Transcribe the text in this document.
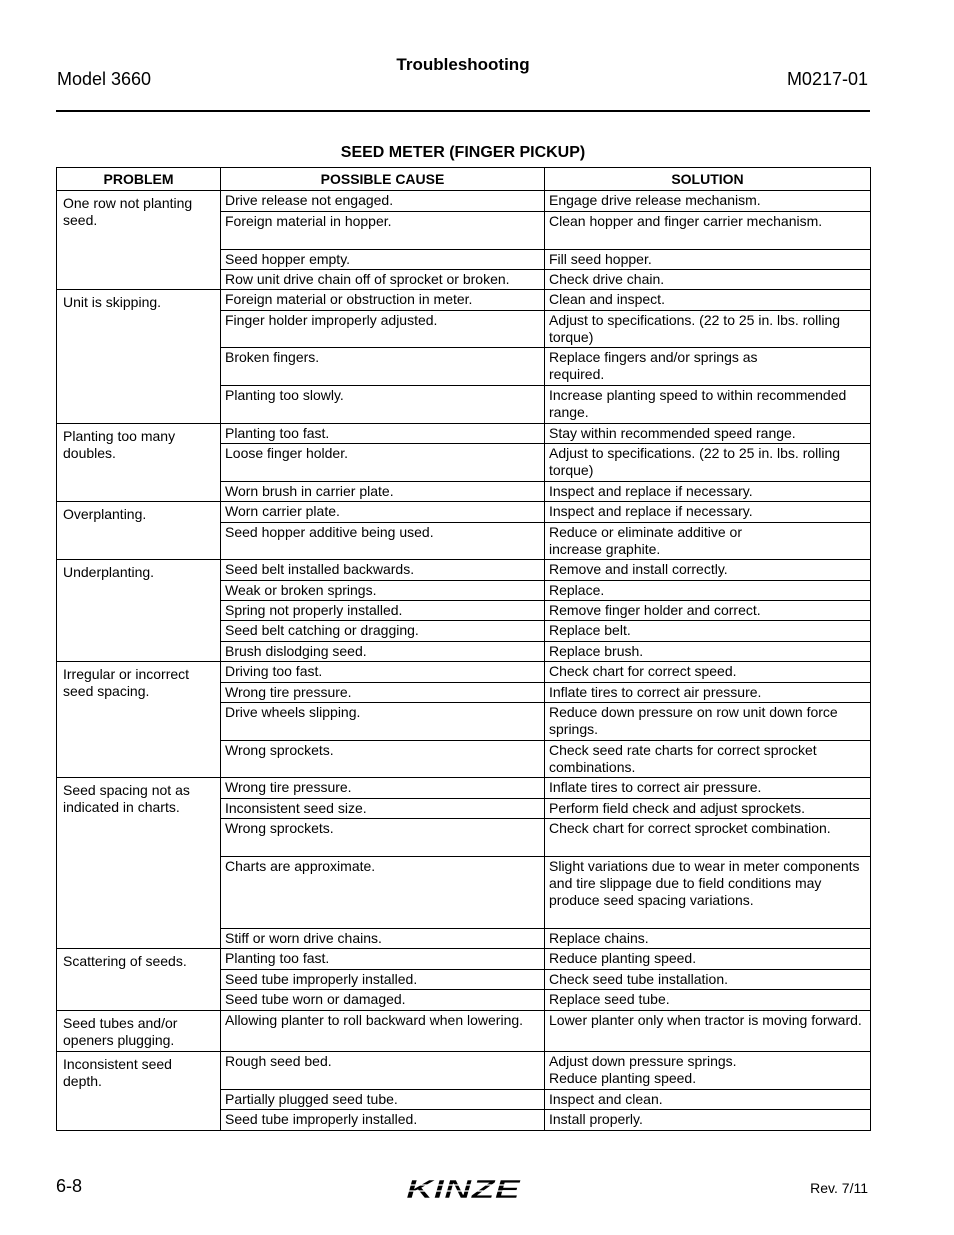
Model 3660
Troubleshooting
M0217-01
SEED METER (FINGER PICKUP)
PROBLEM	POSSIBLE CAUSE	SOLUTION
One row not planting seed.	Drive release not engaged.	Engage drive release mechanism.
	Foreign material in hopper.	Clean hopper and finger carrier mechanism.
	Seed hopper empty.	Fill seed hopper.
	Row unit drive chain off of sprocket or broken.	Check drive chain.
Unit is skipping.	Foreign material or obstruction in meter.	Clean and inspect.
	Finger holder improperly adjusted.	Adjust to specifications. (22 to 25 in. lbs. rolling torque)
	Broken fingers.	Replace fingers and/or springs as
required.
	Planting too slowly.	Increase planting speed to within recommended range.
Planting too many doubles.	Planting too fast.	Stay within recommended speed range.
	Loose finger holder.	Adjust to specifications. (22 to 25 in. lbs. rolling torque)
	Worn brush in carrier plate.	Inspect and replace if necessary.
Overplanting.	Worn carrier plate.	Inspect and replace if necessary.
	Seed hopper additive being used.	Reduce or eliminate additive or
increase graphite.
Underplanting.	Seed belt installed backwards.	Remove and install correctly.
	Weak or broken springs.	Replace.
	Spring not properly installed.	Remove finger holder and correct.
	Seed belt catching or dragging.	Replace belt.
	Brush dislodging seed.	Replace brush.
Irregular or incorrect seed spacing.	Driving too fast.	Check chart for correct speed.
	Wrong tire pressure.	Inflate tires to correct air pressure.
	Drive wheels slipping.	Reduce down pressure on row unit down force springs.
	Wrong sprockets.	Check seed rate charts for correct sprocket combinations.
Seed spacing not as indicated in charts.	Wrong tire pressure.	Inflate tires to correct air pressure.
	Inconsistent seed size.	Perform field check and adjust sprockets.
	Wrong sprockets.	Check chart for correct sprocket combination.
	Charts are approximate.	Slight variations due to wear in meter components and tire slippage due to field conditions may produce seed spacing variations.
	Stiff or worn drive chains.	Replace chains.
Scattering of seeds.	Planting too fast.	Reduce planting speed.
	Seed tube improperly installed.	Check seed tube installation.
	Seed tube worn or damaged.	Replace seed tube.
Seed tubes and/or openers plugging.	Allowing planter to roll backward when lowering.	Lower planter only when tractor is moving forward.
Inconsistent seed depth.	Rough seed bed.	Adjust down pressure springs.
Reduce planting speed.
	Partially plugged seed tube.	Inspect and clean.
	Seed tube improperly installed.	Install properly.
6-8	KINZE	Rev. 7/11
